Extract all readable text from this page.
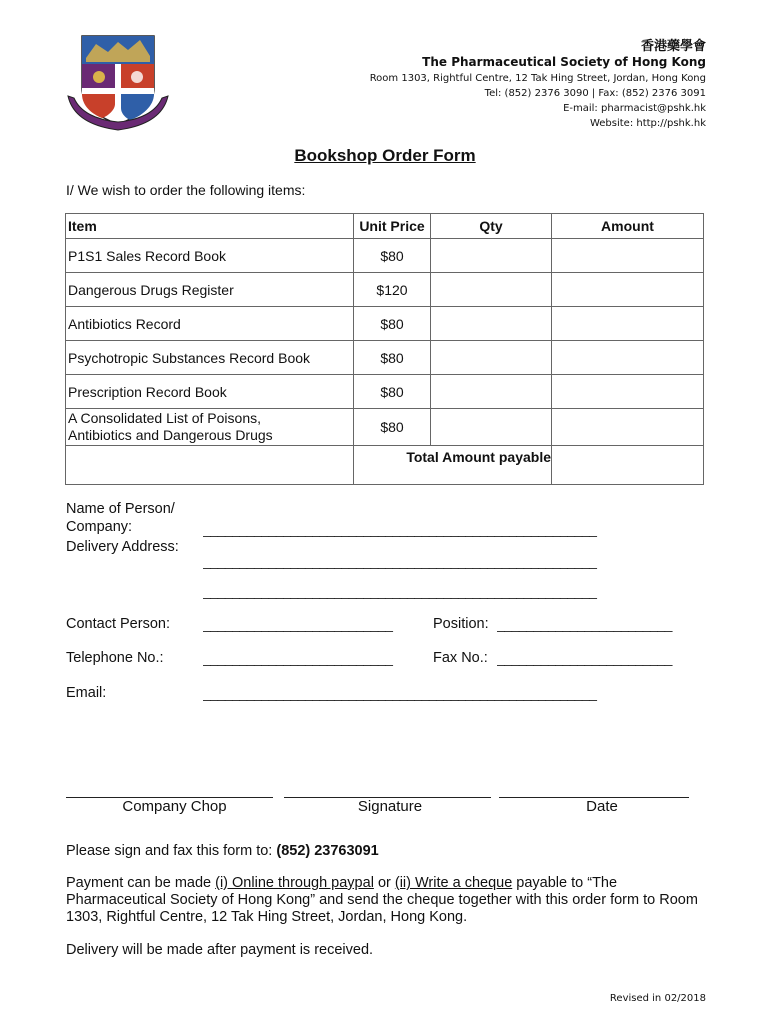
香港藥學會
The Pharmaceutical Society of Hong Kong
Room 1303, Rightful Centre, 12 Tak Hing Street, Jordan, Hong Kong
Tel: (852) 2376 3090 | Fax: (852) 2376 3091
E-mail: pharmacist@pshk.hk
Website: http://pshk.hk
Bookshop Order Form
I/ We wish to order the following items:
Item	Unit Price	Qty	Amount
P1S1 Sales Record Book	$80		
Dangerous Drugs Register	$120		
Antibiotics Record	$80		
Psychotropic Substances Record Book	$80		
Prescription Record Book	$80		

A Consolidated List of Poisons,
Antibiotics and Dangerous Drugs	$80		
	Total Amount payable		
Name of Person/
Company:	______________________________________________________
Delivery Address:
______________________________________________________
______________________________________________________
Contact Person: __________________________	Position: ________________________
Telephone No.:	__________________________	Fax No.: ________________________
Email:	______________________________________________________
Company Chop	Signature	Date
Please sign and fax this form to: (852) 23763091
Payment can be made (i) Online through paypal or (ii) Write a cheque payable to “The Pharmaceutical Society of Hong Kong” and send the cheque together with this order form to Room 1303, Rightful Centre, 12 Tak Hing Street, Jordan, Hong Kong.
Delivery will be made after payment is received.
Revised in 02/2018
